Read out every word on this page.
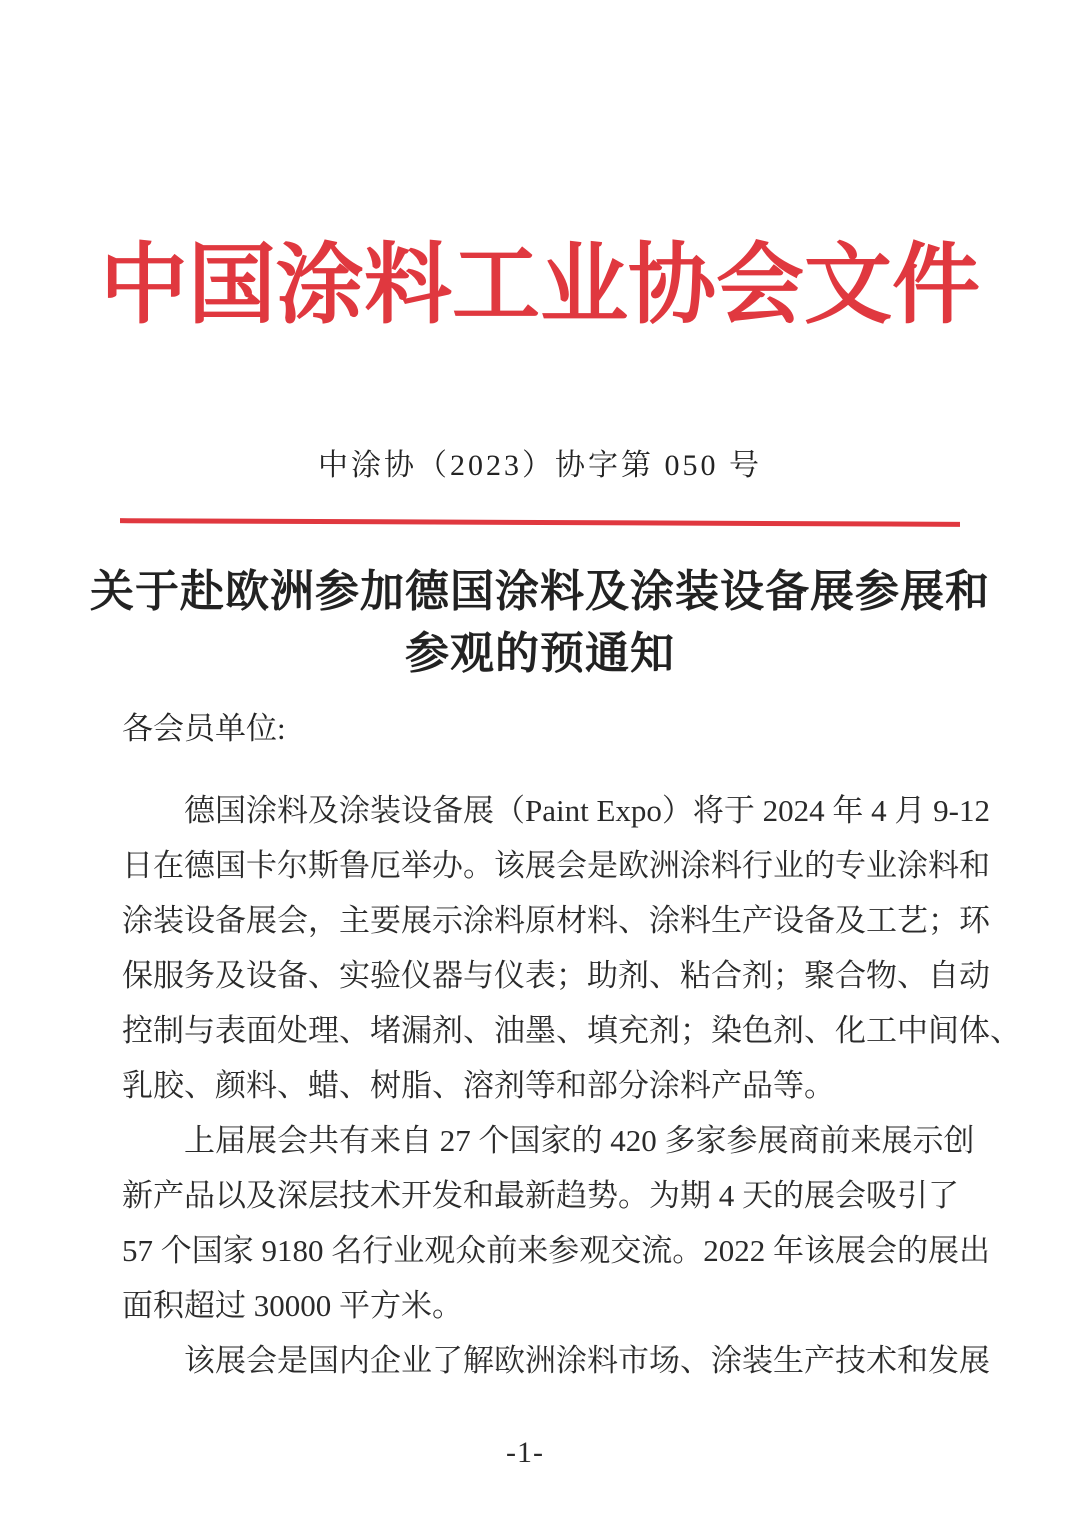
中国涂料工业协会文件
中涂协（2023）协字第 050 号
关于赴欧洲参加德国涂料及涂装设备展参展和
参观的预通知
各会员单位:
德国涂料及涂装设备展（Paint Expo）将于 2024 年 4 月 9-12
日在德国卡尔斯鲁厄举办。该展会是欧洲涂料行业的专业涂料和
涂装设备展会，主要展示涂料原材料、涂料生产设备及工艺；环
保服务及设备、实验仪器与仪表；助剂、粘合剂；聚合物、自动
控制与表面处理、堵漏剂、油墨、填充剂；染色剂、化工中间体、
乳胶、颜料、蜡、树脂、溶剂等和部分涂料产品等。
上届展会共有来自 27 个国家的 420 多家参展商前来展示创
新产品以及深层技术开发和最新趋势。为期 4 天的展会吸引了
57 个国家 9180 名行业观众前来参观交流。2022 年该展会的展出
面积超过 30000 平方米。
该展会是国内企业了解欧洲涂料市场、涂装生产技术和发展
-1-
